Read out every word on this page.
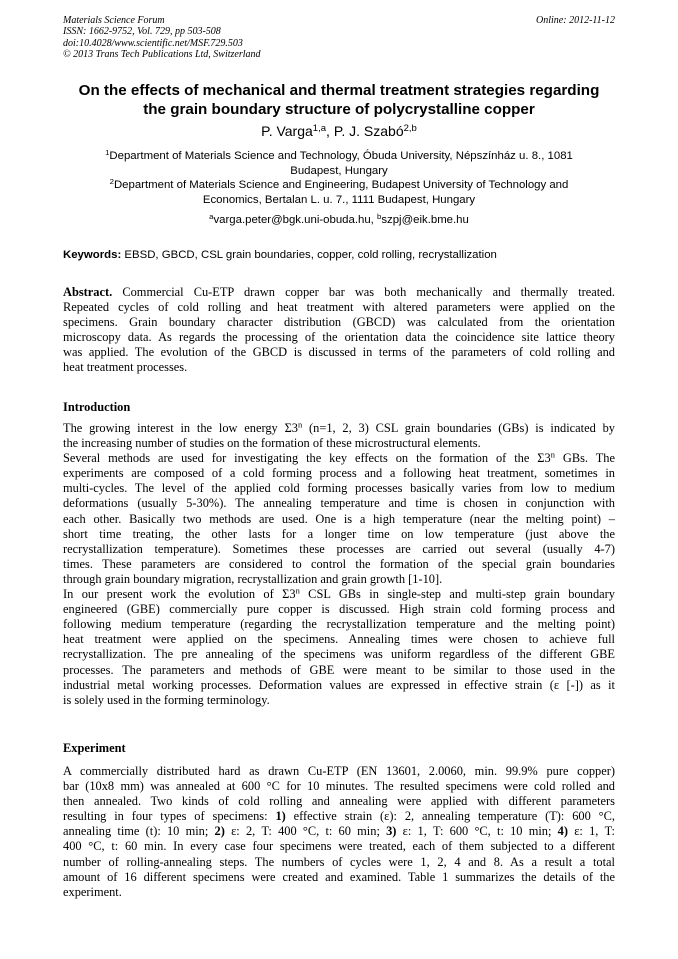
Materials Science Forum
ISSN: 1662-9752, Vol. 729, pp 503-508
doi:10.4028/www.scientific.net/MSF.729.503
© 2013 Trans Tech Publications Ltd, Switzerland
Online: 2012-11-12
On the effects of mechanical and thermal treatment strategies regarding
the grain boundary structure of polycrystalline copper
P. Varga$^{1,a}$, P. J. Szabó$^{2,b}$
$^1$Department of Materials Science and Technology, Óbuda University, Népszínház u. 8., 1081
Budapest, Hungary
$^2$Department of Materials Science and Engineering, Budapest University of Technology and
Economics, Bertalan L. u. 7., 1111 Budapest, Hungary
$^a$varga.peter@bgk.uni-obuda.hu, $^b$szpj@eik.bme.hu
Keywords: EBSD, GBCD, CSL grain boundaries, copper, cold rolling, recrystallization

Abstract. Commercial Cu-ETP drawn copper bar was both mechanically and thermally treated.

Repeated cycles of cold rolling and heat treatment with altered parameters were applied on the

specimens. Grain boundary character distribution (GBCD) was calculated from the orientation

microscopy data. As regards the processing of the orientation data the coincidence site lattice theory

was applied. The evolution of the GBCD is discussed in terms of the parameters of cold rolling and

heat treatment processes.

Introduction

The growing interest in the low energy Σ3$^n$ (n=1, 2, 3) CSL grain boundaries (GBs) is indicated by

the increasing number of studies on the formation of these microstructural elements.

Several methods are used for investigating the key effects on the formation of the Σ3$^n$ GBs. The

experiments are composed of a cold forming process and a following heat treatment, sometimes in

multi-cycles. The level of the applied cold forming processes basically varies from low to medium

deformations (usually 5-30%). The annealing temperature and time is chosen in conjunction with

each other. Basically two methods are used. One is a high temperature (near the melting point) –

short time treating, the other lasts for a longer time on low temperature (just above the

recrystallization temperature). Sometimes these processes are carried out several (usually 4-7)

times. These parameters are considered to control the formation of the special grain boundaries

through grain boundary migration, recrystallization and grain growth [1-10].

In our present work the evolution of Σ3$^n$ CSL GBs in single-step and multi-step grain boundary

engineered (GBE) commercially pure copper is discussed. High strain cold forming process and

following medium temperature (regarding the recrystallization temperature and the melting point)

heat treatment were applied on the specimens. Annealing times were chosen to achieve full

recrystallization. The pre annealing of the specimens was uniform regardless of the different GBE

processes. The parameters and methods of GBE were meant to be similar to those used in the

industrial metal working processes. Deformation values are expressed in effective strain (ε [-]) as it

is solely used in the forming terminology.

Experiment

A commercially distributed hard as drawn Cu-ETP (EN 13601, 2.0060, min. 99.9% pure copper)

bar (10x8 mm) was annealed at 600 °C for 10 minutes. The resulted specimens were cold rolled and

then annealed. Two kinds of cold rolling and annealing were applied with different parameters

resulting in four types of specimens: 1) effective strain (ε): 2, annealing temperature (T): 600 °C,

annealing time (t): 10 min; 2) ε: 2, T: 400 °C, t: 60 min; 3) ε: 1, T: 600 °C, t: 10 min; 4) ε: 1, T:

400 °C, t: 60 min. In every case four specimens were treated, each of them subjected to a different

number of rolling-annealing steps. The numbers of cycles were 1, 2, 4 and 8. As a result a total

amount of 16 different specimens were created and examined. Table 1 summarizes the details of the

experiment.
